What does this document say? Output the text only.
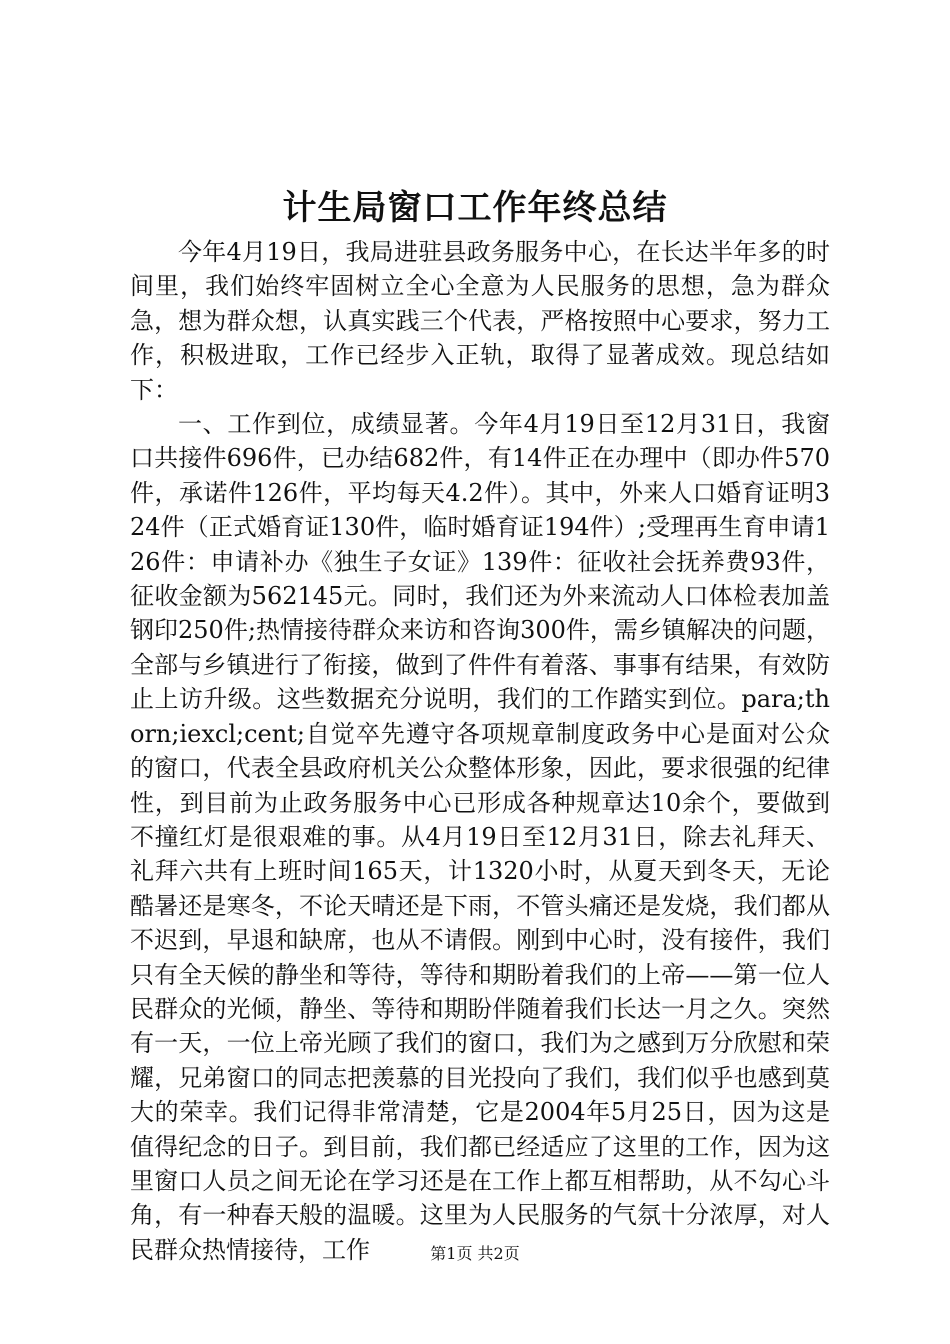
计生局窗口工作年终总结

今年4月19日，我局进驻县政务服务中心，在长达半年多的时间里，我们始终牢固树立全心全意为人民服务的思想，急为群众急，想为群众想，认真实践三个代表，严格按照中心要求，努力工作，积极进取，工作已经步入正轨，取得了显著成效。现总结如下：

一、工作到位，成绩显著。今年4月19日至12月31日，我窗口共接件696件，已办结682件，有14件正在办理中（即办件570件，承诺件126件，平均每天4.2件）。其中，外来人口婚育证明324件（正式婚育证130件，临时婚育证194件）;受理再生育申请126件：申请补办《独生子女证》139件：征收社会抚养费93件，征收金额为562145元。同时，我们还为外来流动人口体检表加盖钢印250件;热情接待群众来访和咨询300件，需乡镇解决的问题，全部与乡镇进行了衔接，做到了件件有着落、事事有结果，有效防止上访升级。这些数据充分说明，我们的工作踏实到位。para;thorn;iexcl;cent;自觉卒先遵守各项规章制度政务中心是面对公众的窗口，代表全县政府机关公众整体形象，因此，要求很强的纪律性，到目前为止政务服务中心已形成各种规章达10余个，要做到不撞红灯是很艰难的事。从4月19日至12月31日，除去礼拜天、礼拜六共有上班时间165天，计1320小时，从夏天到冬天，无论酷暑还是寒冬，不论天晴还是下雨，不管头痛还是发烧，我们都从不迟到，早退和缺席，也从不请假。刚到中心时，没有接件，我们只有全天候的静坐和等待，等待和期盼着我们的上帝——第一位人民群众的光倾，静坐、等待和期盼伴随着我们长达一月之久。突然有一天，一位上帝光顾了我们的窗口，我们为之感到万分欣慰和荣耀，兄弟窗口的同志把羡慕的目光投向了我们，我们似乎也感到莫大的荣幸。我们记得非常清楚，它是2004年5月25日，因为这是值得纪念的日子。到目前，我们都已经适应了这里的工作，因为这里窗口人员之间无论在学习还是在工作上都互相帮助，从不勾心斗角，有一种春天般的温暖。这里为人民服务的气氛十分浓厚，对人民群众热情接待，工作	第1页 共2页
